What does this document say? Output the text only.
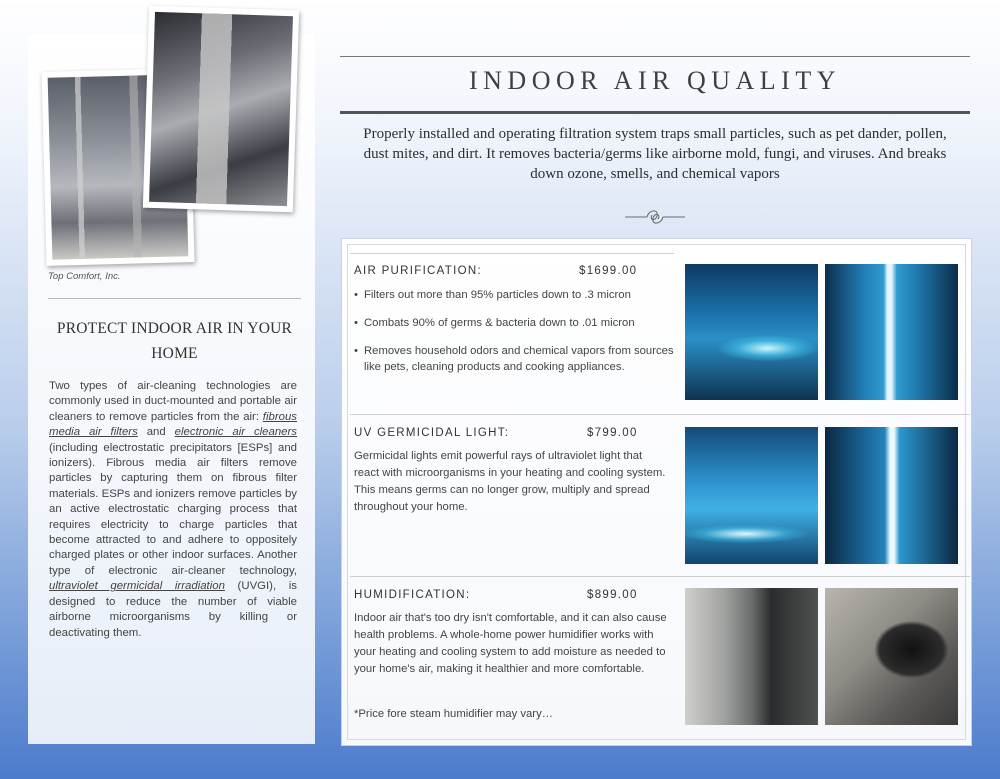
Top Comfort, Inc.
PROTECT INDOOR AIR IN YOUR HOME
Two types of air-cleaning technologies are commonly used in duct-mounted and portable air cleaners to remove particles from the air: fibrous media air filters and electronic air cleaners (including electrostatic precipitators [ESPs] and ionizers). Fibrous media air filters remove particles by capturing them on fibrous filter materials. ESPs and ionizers remove particles by an active electrostatic charging process that requires electricity to charge particles that become attracted to and adhere to oppositely charged plates or other indoor surfaces. Another type of electronic air-cleaner technology, ultraviolet germicidal irradiation (UVGI), is designed to reduce the number of viable airborne microorganisms by killing or deactivating them.
INDOOR AIR QUALITY
Properly installed and operating filtration system traps small particles, such as pet dander, pollen, dust mites, and dirt. It removes bacteria/germs like airborne mold, fungi, and viruses. And breaks down ozone, smells, and chemical vapors
AIR PURIFICATION:	$1699.00
• Filters out more than 95% particles down to .3 micron
• Combats 90% of germs & bacteria down to .01 micron
• Removes household odors and chemical vapors from sources like pets, cleaning products and cooking appliances.
UV GERMICIDAL LIGHT:	$799.00
Germicidal lights emit powerful rays of ultraviolet light that react with microorganisms in your heating and cooling system. This means germs can no longer grow, multiply and spread throughout your home.
HUMIDIFICATION:	$899.00
Indoor air that's too dry isn't comfortable, and it can also cause health problems. A whole-home power humidifier works with your heating and cooling system to add moisture as needed to your home's air, making it healthier and more comfortable.
*Price fore steam humidifier may vary…
